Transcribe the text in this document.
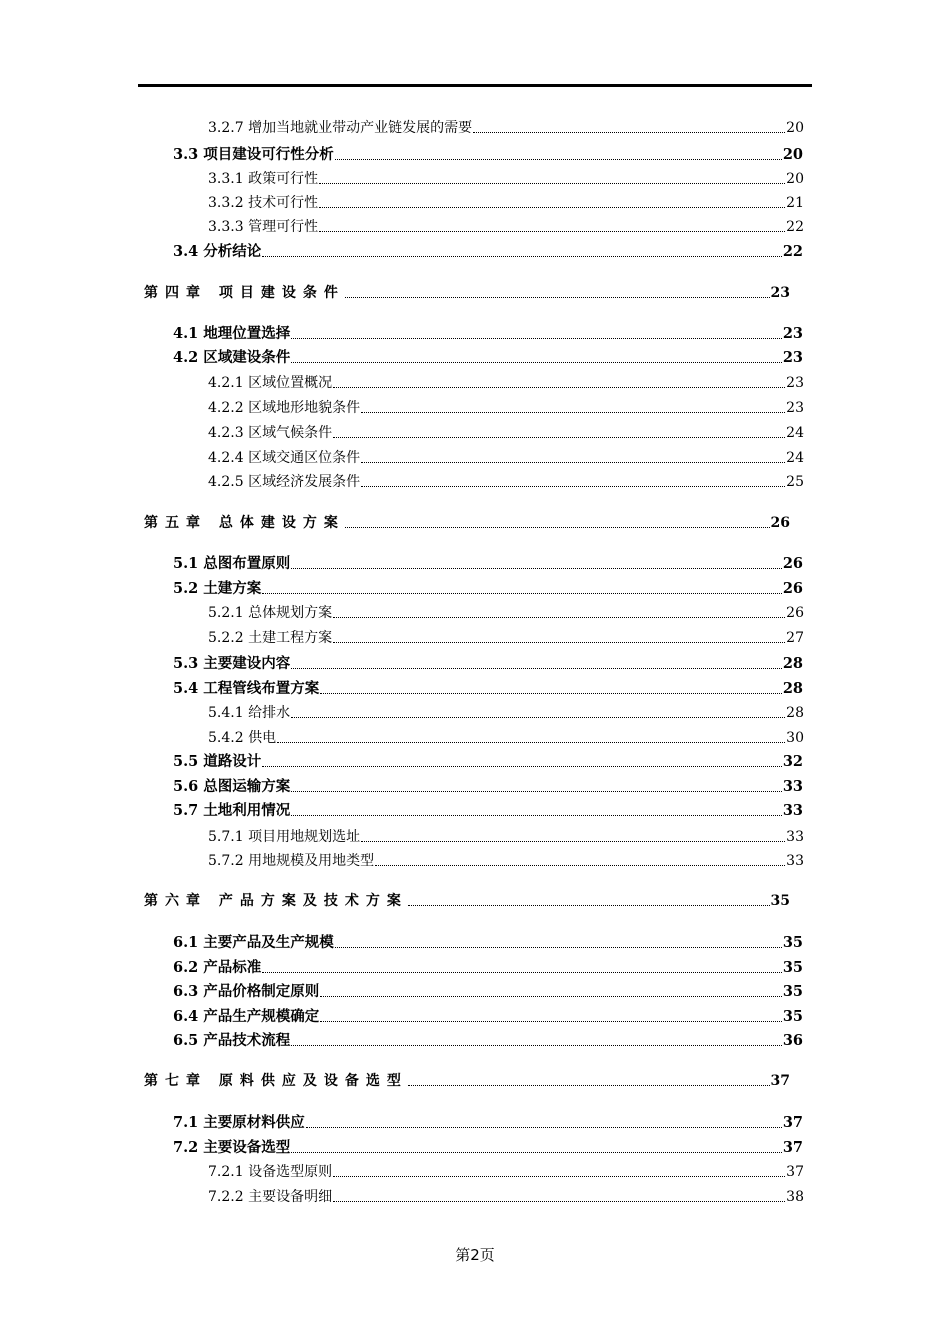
3.2.7 增加当地就业带动产业链发展的需要	20
3.3 项目建设可行性分析	20
3.3.1 政策可行性	20
3.3.2 技术可行性	21
3.3.3 管理可行性	22
3.4 分析结论	22
第四章 项目建设条件	23
4.1 地理位置选择	23
4.2 区域建设条件	23
4.2.1 区域位置概况	23
4.2.2 区域地形地貌条件	23
4.2.3 区域气候条件	24
4.2.4 区域交通区位条件	24
4.2.5 区域经济发展条件	25
第五章 总体建设方案	26
5.1 总图布置原则	26
5.2 土建方案	26
5.2.1 总体规划方案	26
5.2.2 土建工程方案	27
5.3 主要建设内容	28
5.4 工程管线布置方案	28
5.4.1 给排水	28
5.4.2 供电	30
5.5 道路设计	32
5.6 总图运输方案	33
5.7 土地利用情况	33
5.7.1 项目用地规划选址	33
5.7.2 用地规模及用地类型	33
第六章 产品方案及技术方案	35
6.1 主要产品及生产规模	35
6.2 产品标准	35
6.3 产品价格制定原则	35
6.4 产品生产规模确定	35
6.5 产品技术流程	36
第七章 原料供应及设备选型	37
7.1 主要原材料供应	37
7.2 主要设备选型	37
7.2.1 设备选型原则	37
7.2.2 主要设备明细	38
第2页
